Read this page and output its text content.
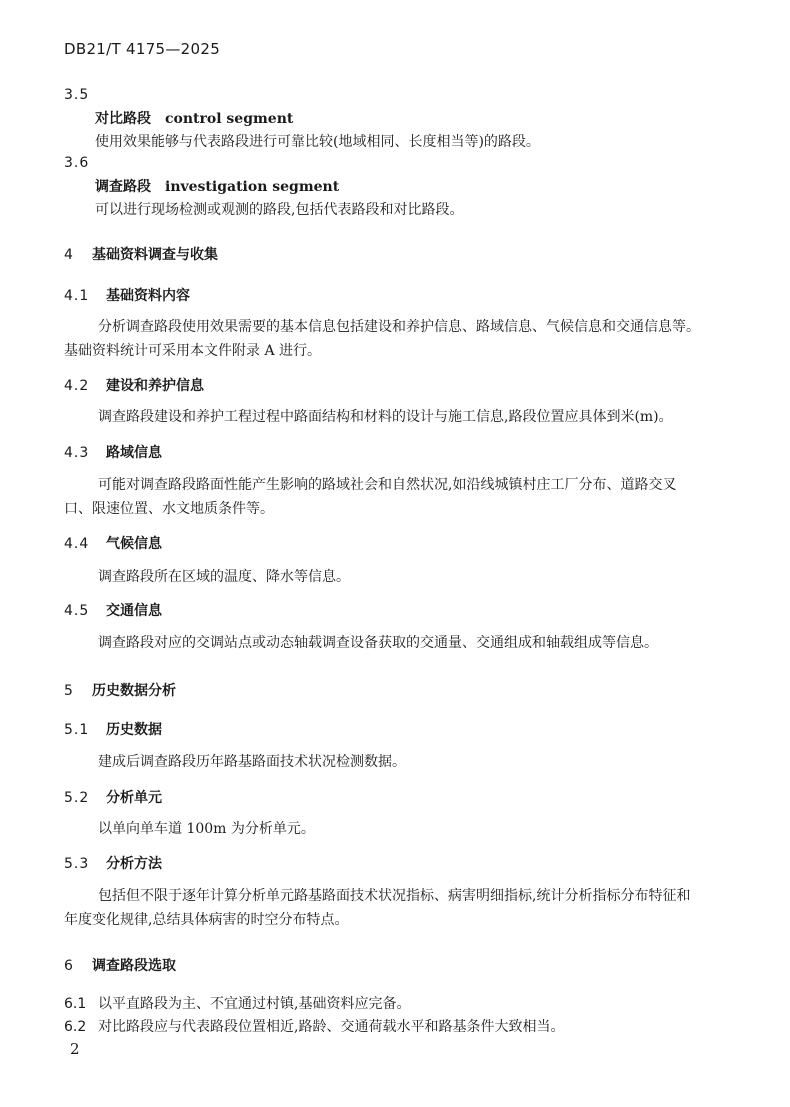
DB21/T 4175—2025
3.5
对比路段 control segment
使用效果能够与代表路段进行可靠比较(地域相同、长度相当等)的路段。
3.6
调查路段 investigation segment
可以进行现场检测或观测的路段,包括代表路段和对比路段。
4 基础资料调查与收集
4.1 基础资料内容
分析调查路段使用效果需要的基本信息包括建设和养护信息、路域信息、气候信息和交通信息等。
基础资料统计可采用本文件附录 A 进行。
4.2 建设和养护信息
调查路段建设和养护工程过程中路面结构和材料的设计与施工信息,路段位置应具体到米(m)。
4.3 路域信息
可能对调查路段路面性能产生影响的路域社会和自然状况,如沿线城镇村庄工厂分布、道路交叉
口、限速位置、水文地质条件等。
4.4 气候信息
调查路段所在区域的温度、降水等信息。
4.5 交通信息
调查路段对应的交调站点或动态轴载调查设备获取的交通量、交通组成和轴载组成等信息。
5 历史数据分析
5.1 历史数据
建成后调查路段历年路基路面技术状况检测数据。
5.2 分析单元
以单向单车道 100m 为分析单元。
5.3 分析方法
包括但不限于逐年计算分析单元路基路面技术状况指标、病害明细指标,统计分析指标分布特征和
年度变化规律,总结具体病害的时空分布特点。
6 调查路段选取
6.1 以平直路段为主、不宜通过村镇,基础资料应完备。
6.2 对比路段应与代表路段位置相近,路龄、交通荷载水平和路基条件大致相当。
2
